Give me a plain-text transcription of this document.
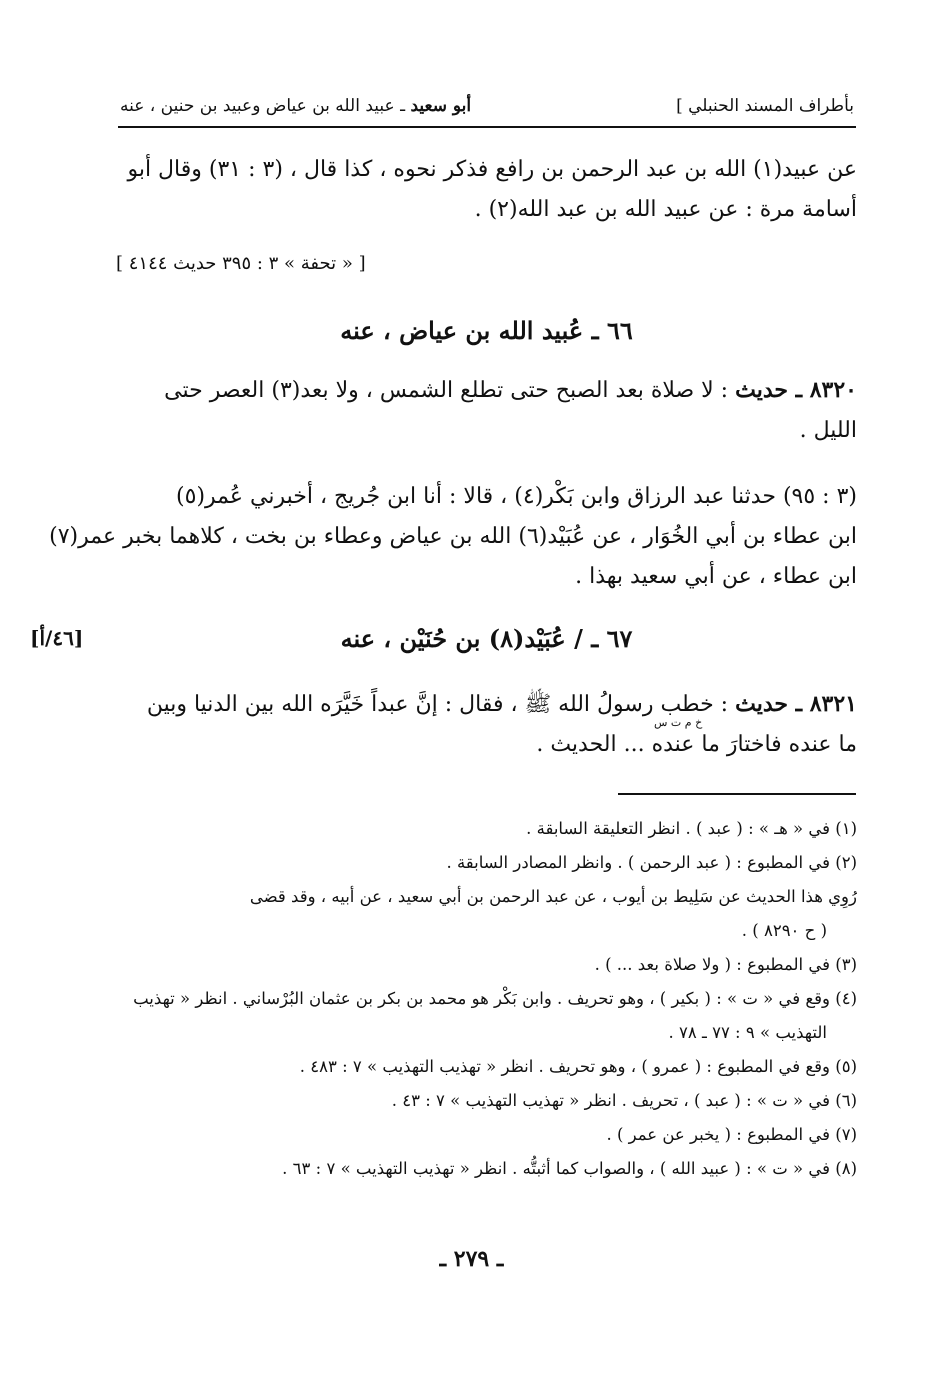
بأطراف المسند الحنبلي ]
أبو سعيد ـ عبيد الله بن عياض وعبيد بن حنين ، عنه
عن عبيد(١) الله بن عبد الرحمن بن رافع فذكر نحوه ، كذا قال ، (٣ : ٣١) وقال أبو
أسامة مرة : عن عبيد الله بن عبد الله(٢) .
[ « تحفة » ٣ : ٣٩٥ حديث ٤١٤٤ ]
٦٦ ـ عُبيد الله بن عياض ، عنه
٨٣٢٠ ـ حديث : لا صلاة بعد الصبح حتى تطلع الشمس ، ولا بعد(٣) العصر حتى
الليل .
(٣ : ٩٥) حدثنا عبد الرزاق وابن بَكْر(٤) ، قالا : أنا ابن جُريج ، أخبرني عُمر(٥)
ابن عطاء بن أبي الخُوَار ، عن عُبَيْد(٦) الله بن عياض وعطاء بن بخت ، كلاهما بخبر عمر(٧)
ابن عطاء ، عن أبي سعيد بهذا .
٦٧ ـ / عُبَيْد(٨) بن حُنَيْن ، عنه
[٤٦/أ]
٨٣٢١ ـ حديث : خطب رسولُ الله ﷺ ، فقال : إنَّ عبداً خَيَّرَه الله بين الدنيا وبين
ما عنده فاختارَ ما عنده ... الحديث .
خ م ت س
(١) في « هـ » : ( عبد ) . انظر التعليقة السابقة .
(٢) في المطبوع : ( عبد الرحمن ) . وانظر المصادر السابقة .
رُوِي هذا الحديث عن سَلِيط بن أيوب ، عن عبد الرحمن بن أبي سعيد ، عن أبيه ، وقد قضى
( ح ٨٢٩٠ ) .
(٣) في المطبوع : ( ولا صلاة بعد ... ) .
(٤) وقع في « ت » : ( بكير ) ، وهو تحريف . وابن بَكْر هو محمد بن بكر بن عثمان البُرْساني . انظر « تهذيب
التهذيب » ٩ : ٧٧ ـ ٧٨ .
(٥) وقع في المطبوع : ( عمرو ) ، وهو تحريف . انظر « تهذيب التهذيب » ٧ : ٤٨٣ .
(٦) في « ت » : ( عبد ) ، تحريف . انظر « تهذيب التهذيب » ٧ : ٤٣ .
(٧) في المطبوع : ( يخبر عن عمر ) .
(٨) في « ت » : ( عبيد الله ) ، والصواب كما أثبتُّه . انظر « تهذيب التهذيب » ٧ : ٦٣ .
ـ ٢٧٩ ـ
